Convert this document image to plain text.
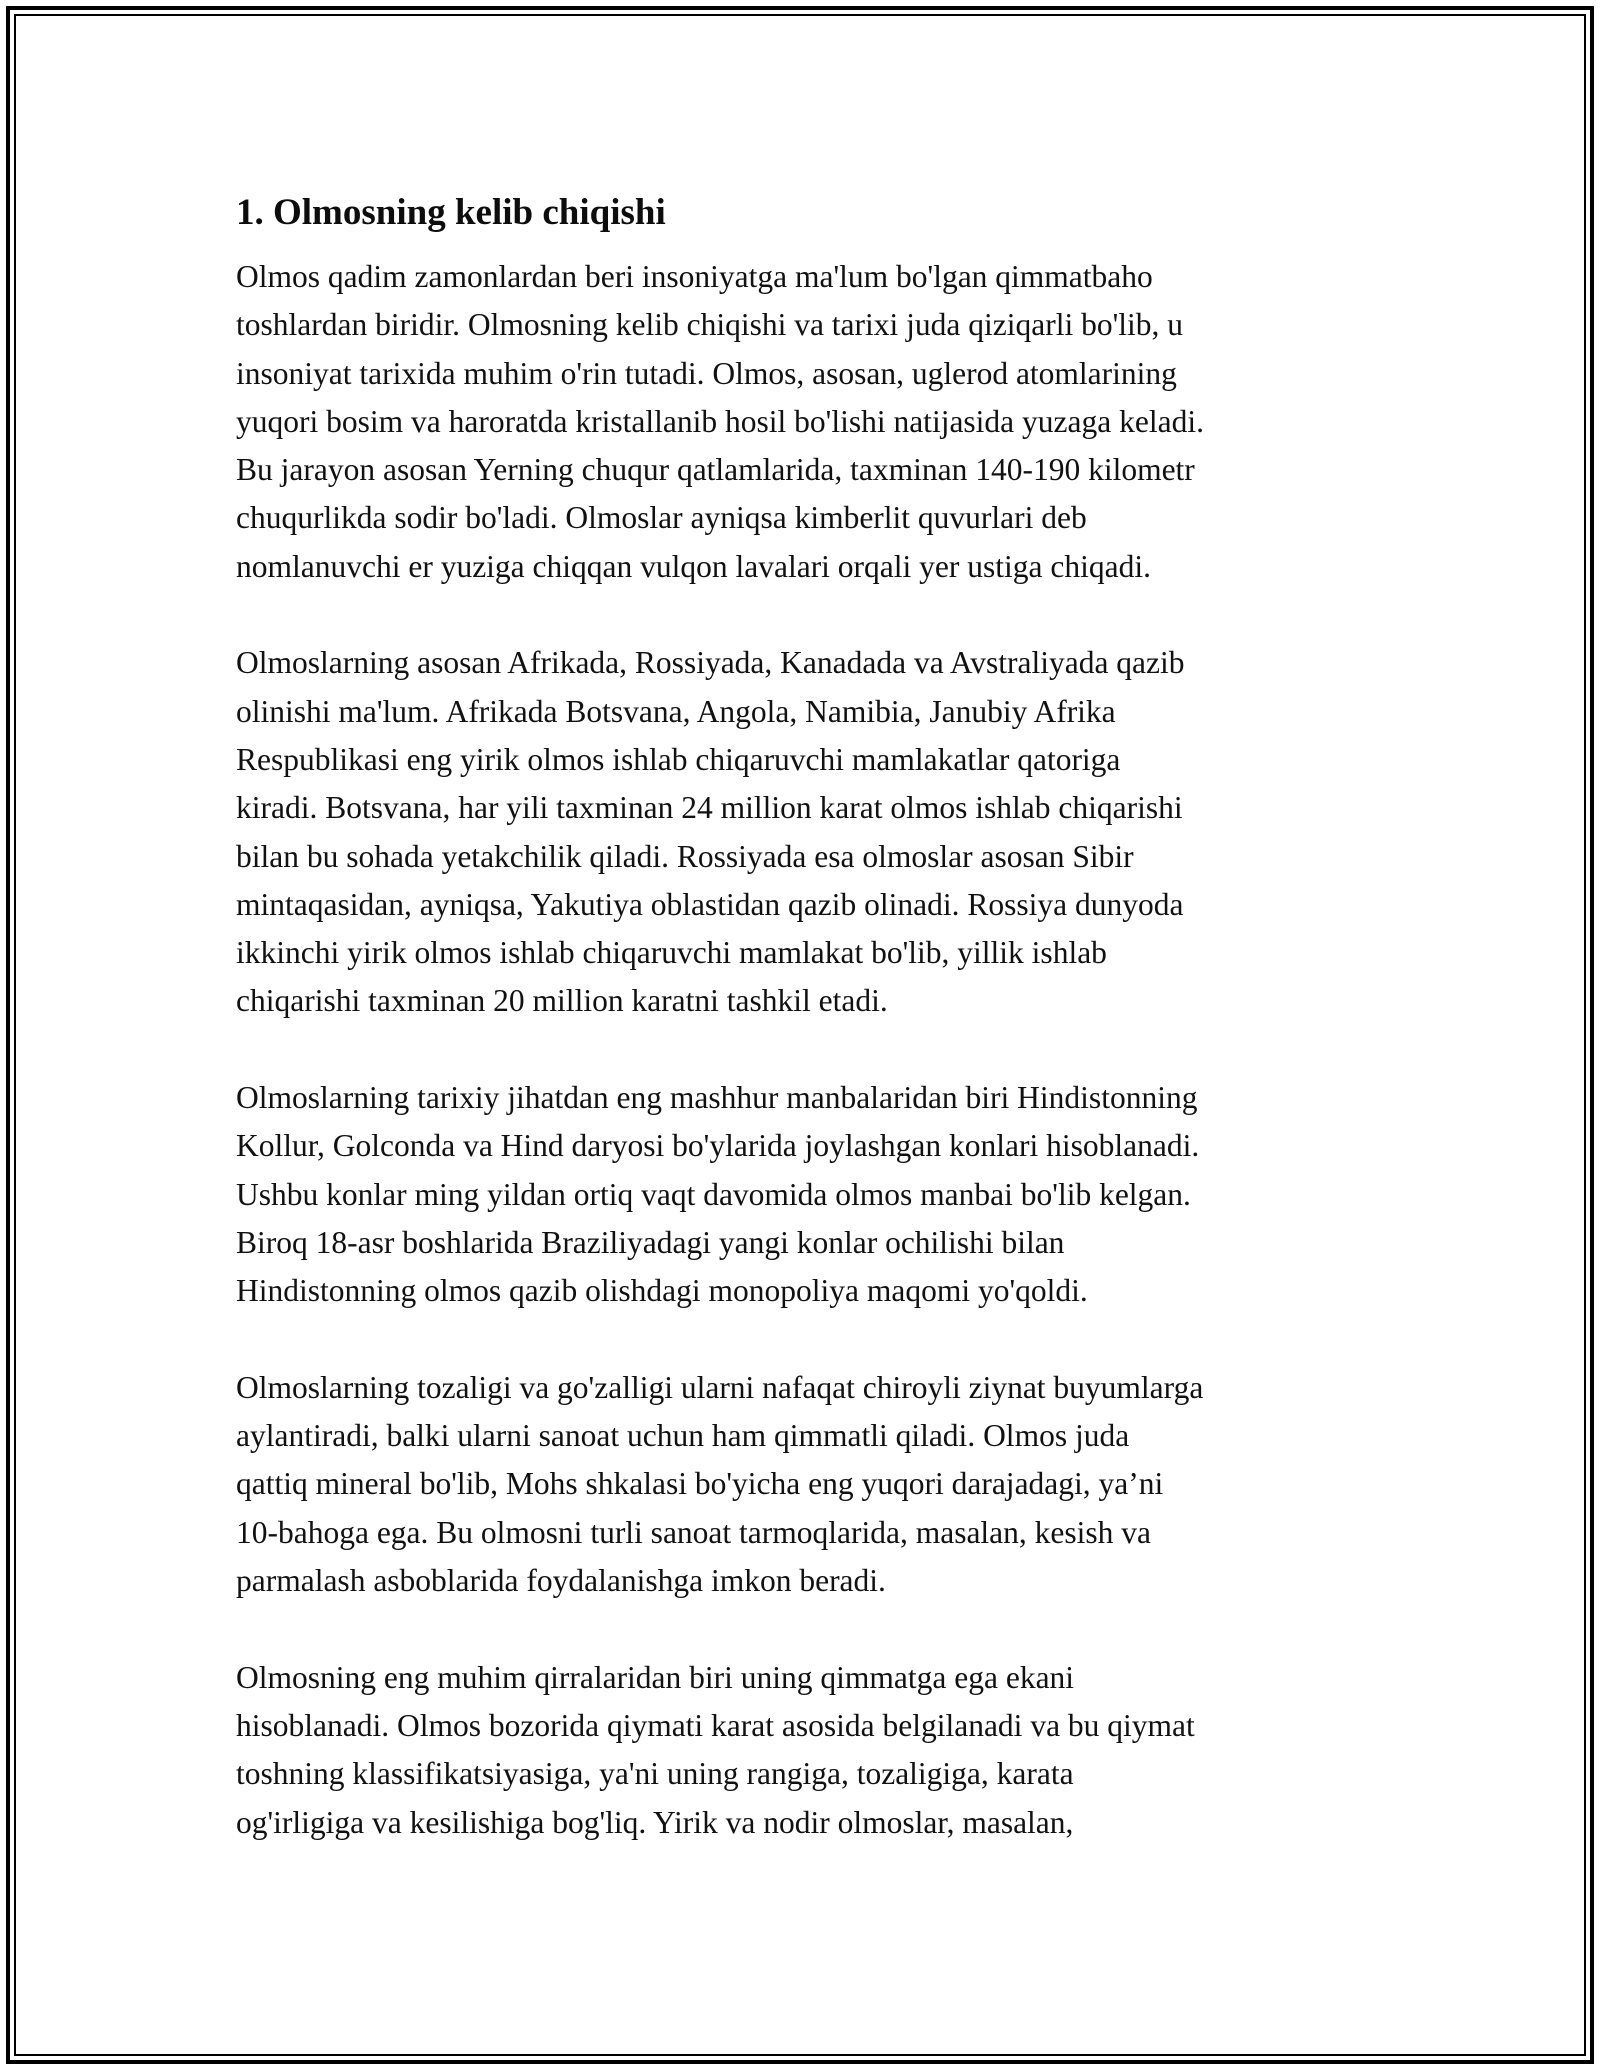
1. Olmosning kelib chiqishi

Olmos qadim zamonlardan beri insoniyatga ma'lum bo'lgan qimmatbaho
toshlardan biridir. Olmosning kelib chiqishi va tarixi juda qiziqarli bo'lib, u
insoniyat tarixida muhim o'rin tutadi. Olmos, asosan, uglerod atomlarining
yuqori bosim va haroratda kristallanib hosil bo'lishi natijasida yuzaga keladi.
Bu jarayon asosan Yerning chuqur qatlamlarida, taxminan 140-190 kilometr
chuqurlikda sodir bo'ladi. Olmoslar ayniqsa kimberlit quvurlari deb
nomlanuvchi er yuziga chiqqan vulqon lavalari orqali yer ustiga chiqadi.

Olmoslarning asosan Afrikada, Rossiyada, Kanadada va Avstraliyada qazib
olinishi ma'lum. Afrikada Botsvana, Angola, Namibia, Janubiy Afrika
Respublikasi eng yirik olmos ishlab chiqaruvchi mamlakatlar qatoriga
kiradi. Botsvana, har yili taxminan 24 million karat olmos ishlab chiqarishi
bilan bu sohada yetakchilik qiladi. Rossiyada esa olmoslar asosan Sibir
mintaqasidan, ayniqsa, Yakutiya oblastidan qazib olinadi. Rossiya dunyoda
ikkinchi yirik olmos ishlab chiqaruvchi mamlakat bo'lib, yillik ishlab
chiqarishi taxminan 20 million karatni tashkil etadi.

Olmoslarning tarixiy jihatdan eng mashhur manbalaridan biri Hindistonning
Kollur, Golconda va Hind daryosi bo'ylarida joylashgan konlari hisoblanadi.
Ushbu konlar ming yildan ortiq vaqt davomida olmos manbai bo'lib kelgan.
Biroq 18-asr boshlarida Braziliyadagi yangi konlar ochilishi bilan
Hindistonning olmos qazib olishdagi monopoliya maqomi yo'qoldi.

Olmoslarning tozaligi va go'zalligi ularni nafaqat chiroyli ziynat buyumlarga
aylantiradi, balki ularni sanoat uchun ham qimmatli qiladi. Olmos juda
qattiq mineral bo'lib, Mohs shkalasi bo'yicha eng yuqori darajadagi, ya’ni
10-bahoga ega. Bu olmosni turli sanoat tarmoqlarida, masalan, kesish va
parmalash asboblarida foydalanishga imkon beradi.

Olmosning eng muhim qirralaridan biri uning qimmatga ega ekani
hisoblanadi. Olmos bozorida qiymati karat asosida belgilanadi va bu qiymat
toshning klassifikatsiyasiga, ya'ni uning rangiga, tozaligiga, karata
og'irligiga va kesilishiga bog'liq. Yirik va nodir olmoslar, masalan,
